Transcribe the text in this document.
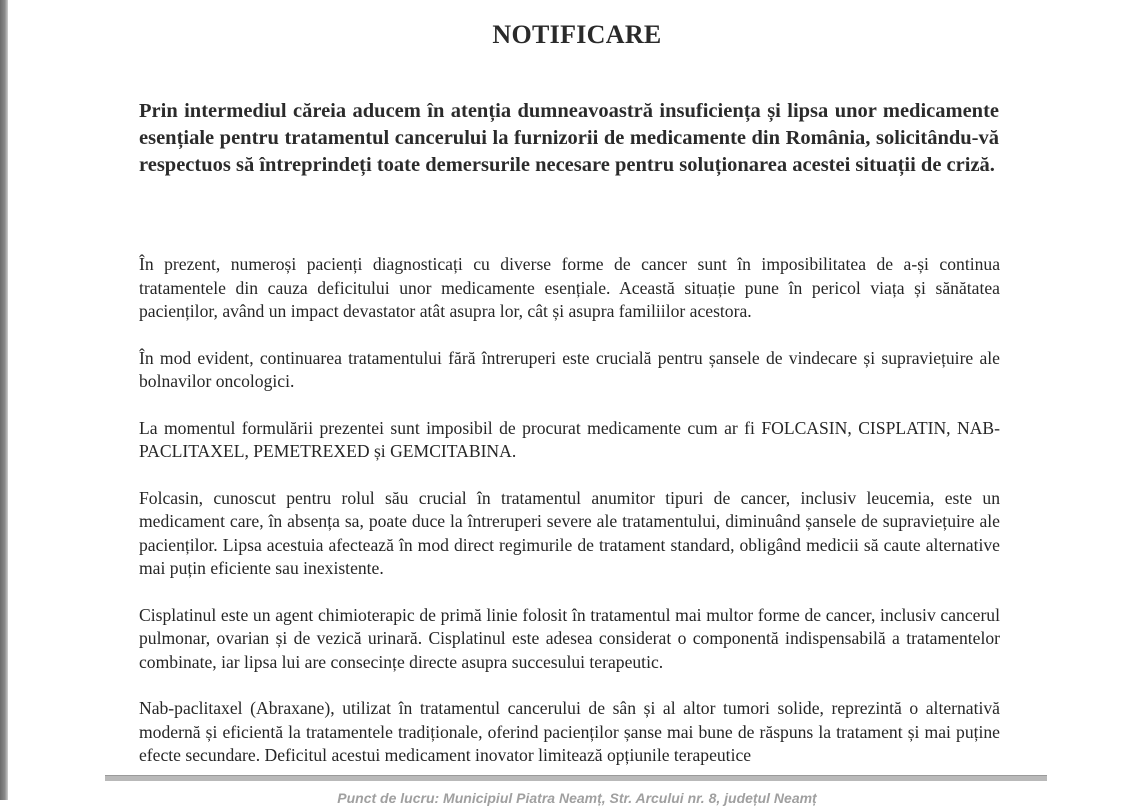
NOTIFICARE

Prin intermediul căreia aducem în atenția dumneavoastră insuficiența și lipsa unor medicamente esențiale pentru tratamentul cancerului la furnizorii de medicamente din România, solicitându-vă respectuos să întreprindeți toate demersurile necesare pentru soluționarea acestei situații de criză.

În prezent, numeroși pacienți diagnosticați cu diverse forme de cancer sunt în imposibilitatea de a-și continua tratamentele din cauza deficitului unor medicamente esențiale. Această situație pune în pericol viața și sănătatea pacienților, având un impact devastator atât asupra lor, cât și asupra familiilor acestora.

În mod evident, continuarea tratamentului fără întreruperi este crucială pentru șansele de vindecare și supraviețuire ale bolnavilor oncologici.

La momentul formulării prezentei sunt imposibil de procurat medicamente cum ar fi FOLCASIN, CISPLATIN, NAB-PACLITAXEL, PEMETREXED și GEMCITABINA.

Folcasin, cunoscut pentru rolul său crucial în tratamentul anumitor tipuri de cancer, inclusiv leucemia, este un medicament care, în absența sa, poate duce la întreruperi severe ale tratamentului, diminuând șansele de supraviețuire ale pacienților. Lipsa acestuia afectează în mod direct regimurile de tratament standard, obligând medicii să caute alternative mai puțin eficiente sau inexistente.

Cisplatinul este un agent chimioterapic de primă linie folosit în tratamentul mai multor forme de cancer, inclusiv cancerul pulmonar, ovarian și de vezică urinară. Cisplatinul este adesea considerat o componentă indispensabilă a tratamentelor combinate, iar lipsa lui are consecințe directe asupra succesului terapeutic.

Nab-paclitaxel (Abraxane), utilizat în tratamentul cancerului de sân și al altor tumori solide, reprezintă o alternativă modernă și eficientă la tratamentele tradiționale, oferind pacienților șanse mai bune de răspuns la tratament și mai puține efecte secundare. Deficitul acestui medicament inovator limitează opțiunile terapeutice

Punct de lucru: Municipiul Piatra Neamț, Str. Arcului nr. 8, județul Neamț
